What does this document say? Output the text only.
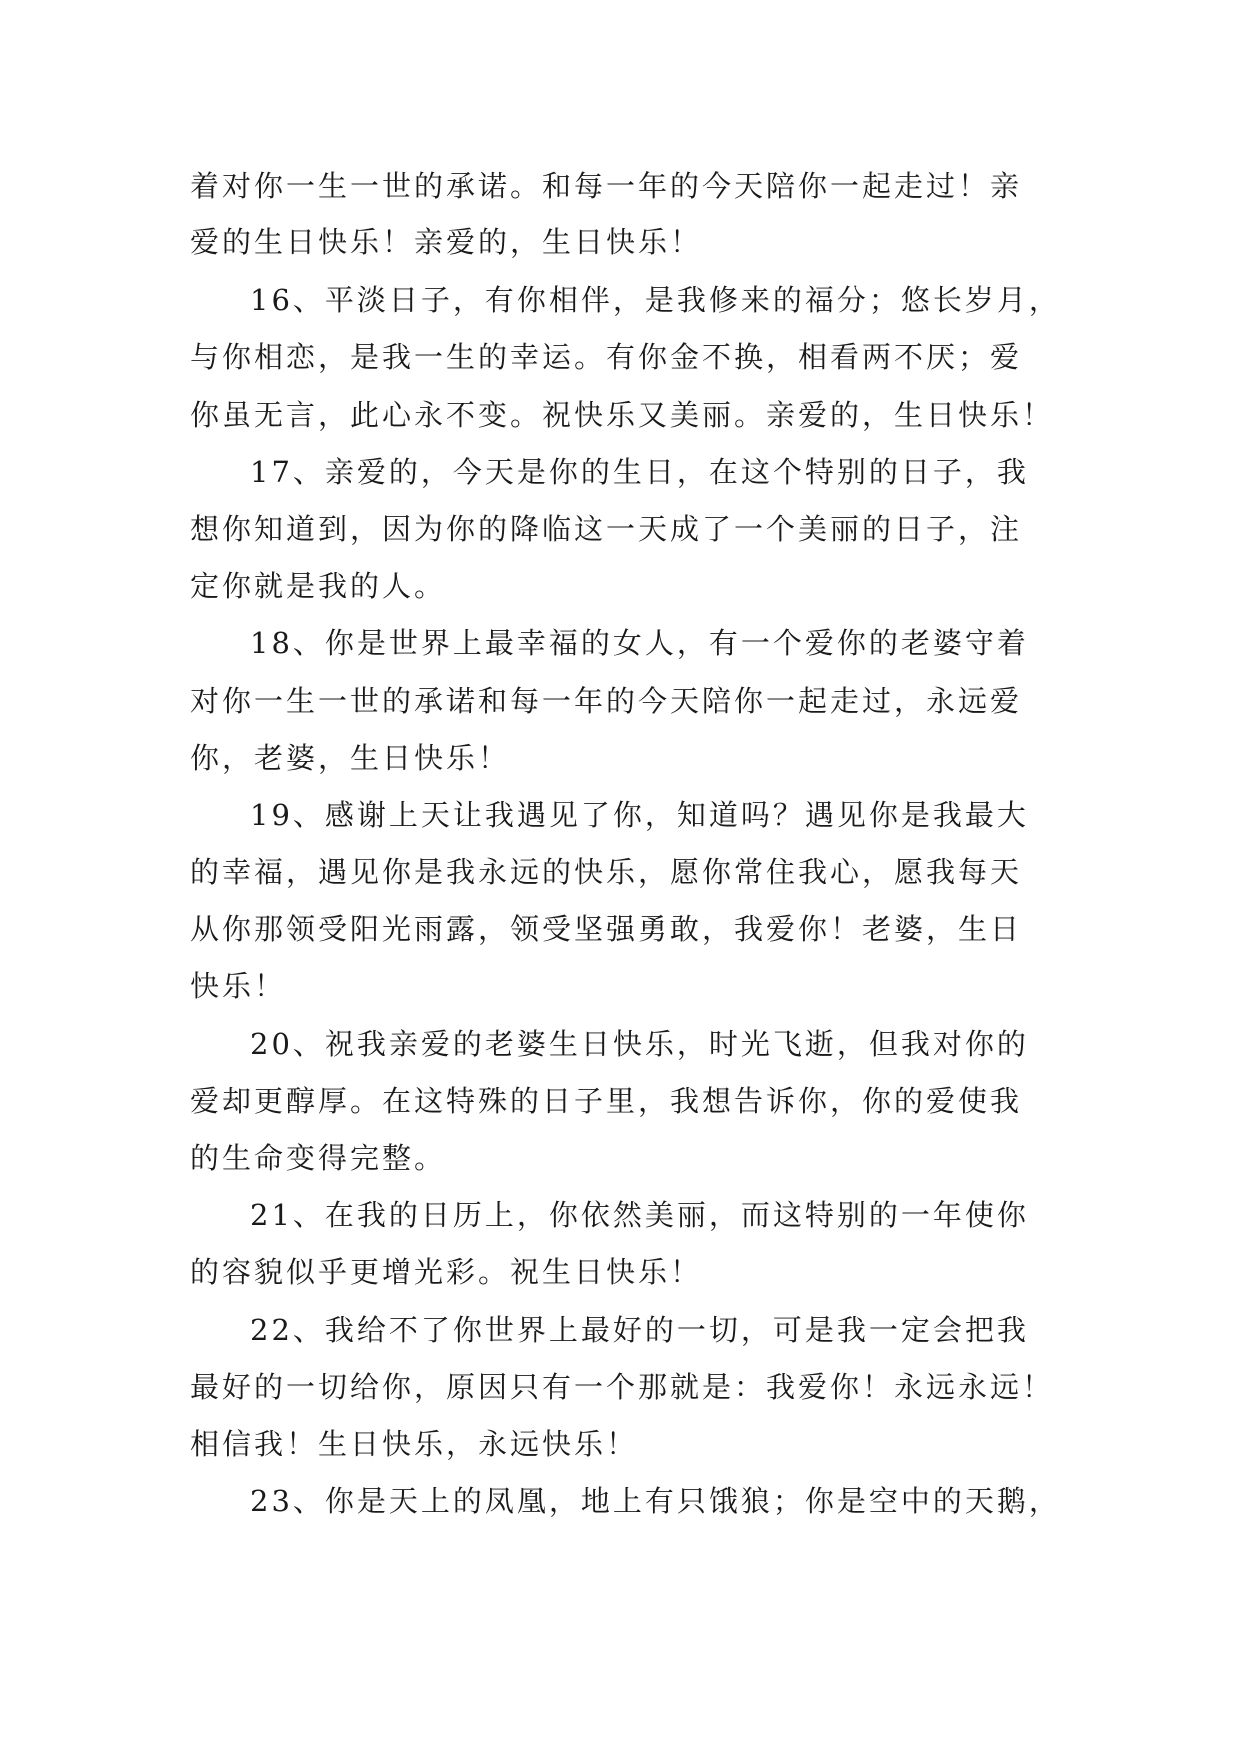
着对你一生一世的承诺。和每一年的今天陪你一起走过！亲
爱的生日快乐！亲爱的，生日快乐！
16、平淡日子，有你相伴，是我修来的福分；悠长岁月，
与你相恋，是我一生的幸运。有你金不换，相看两不厌；爱
你虽无言，此心永不变。祝快乐又美丽。亲爱的，生日快乐！
17、亲爱的，今天是你的生日，在这个特别的日子，我
想你知道到，因为你的降临这一天成了一个美丽的日子，注
定你就是我的人。
18、你是世界上最幸福的女人，有一个爱你的老婆守着
对你一生一世的承诺和每一年的今天陪你一起走过，永远爱
你，老婆，生日快乐！
19、感谢上天让我遇见了你，知道吗？遇见你是我最大
的幸福，遇见你是我永远的快乐，愿你常住我心，愿我每天
从你那领受阳光雨露，领受坚强勇敢，我爱你！老婆，生日
快乐！
20、祝我亲爱的老婆生日快乐，时光飞逝，但我对你的
爱却更醇厚。在这特殊的日子里，我想告诉你，你的爱使我
的生命变得完整。
21、在我的日历上，你依然美丽，而这特别的一年使你
的容貌似乎更增光彩。祝生日快乐！
22、我给不了你世界上最好的一切，可是我一定会把我
最好的一切给你，原因只有一个那就是：我爱你！永远永远！
相信我！生日快乐，永远快乐！
23、你是天上的凤凰，地上有只饿狼；你是空中的天鹅，
